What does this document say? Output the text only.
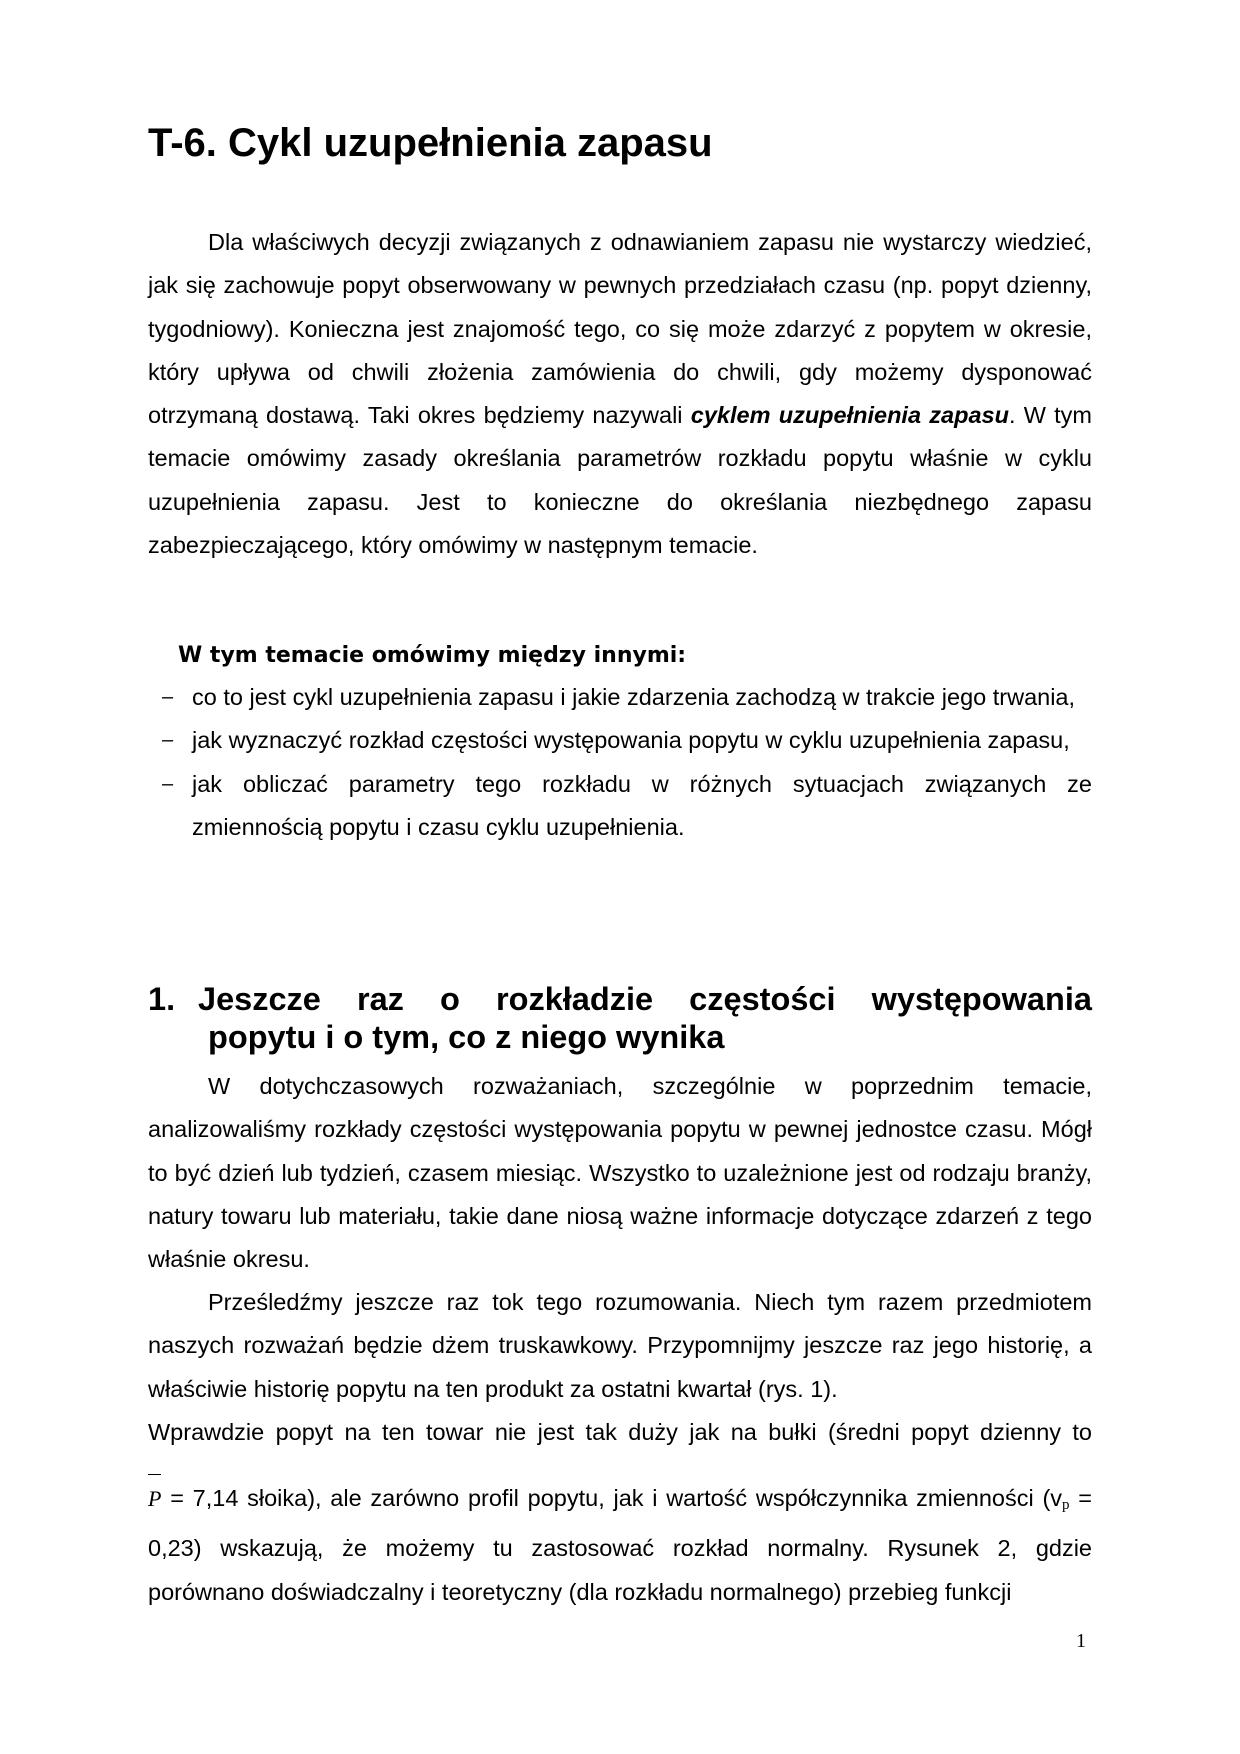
T-6. Cykl uzupełnienia zapasu

Dla właściwych decyzji związanych z odnawianiem zapasu nie wystarczy wiedzieć, jak się zachowuje popyt obserwowany w pewnych przedziałach czasu (np. popyt dzienny, tygodniowy). Konieczna jest znajomość tego, co się może zdarzyć z popytem w okresie, który upływa od chwili złożenia zamówienia do chwili, gdy możemy dysponować otrzymaną dostawą. Taki okres będziemy nazywali cyklem uzupełnienia zapasu. W tym temacie omówimy zasady określania parametrów rozkładu popytu właśnie w cyklu uzupełnienia zapasu. Jest to konieczne do określania niezbędnego zapasu zabezpieczającego, który omówimy w następnym temacie.

W tym temacie omówimy między innymi:

– co to jest cykl uzupełnienia zapasu i jakie zdarzenia zachodzą w trakcie jego trwania,
– jak wyznaczyć rozkład częstości występowania popytu w cyklu uzupełnienia zapasu,
– jak obliczać parametry tego rozkładu w różnych sytuacjach związanych ze zmiennością popytu i czasu cyklu uzupełnienia.
1. Jeszcze raz o rozkładzie częstości występowania
popytu i o tym, co z niego wynika

W dotychczasowych rozważaniach, szczególnie w poprzednim temacie, analizowaliśmy rozkłady częstości występowania popytu w pewnej jednostce czasu. Mógł to być dzień lub tydzień, czasem miesiąc. Wszystko to uzależnione jest od rodzaju branży, natury towaru lub materiału, takie dane niosą ważne informacje dotyczące zdarzeń z tego właśnie okresu.

Prześledźmy jeszcze raz tok tego rozumowania. Niech tym razem przedmiotem naszych rozważań będzie dżem truskawkowy. Przypomnijmy jeszcze raz jego historię, a właściwie historię popytu na ten produkt za ostatni kwartał (rys. 1).
Wprawdzie popyt na ten towar nie jest tak duży jak na bułki (średni popyt dzienny to

P = 7,14 słoika), ale zarówno profil popytu, jak i wartość współczynnika zmienności $(v_p = 0,23)$ wskazują, że możemy tu zastosować rozkład normalny. Rysunek 2, gdzie porównano doświadczalny i teoretyczny (dla rozkładu normalnego) przebieg funkcji

1
